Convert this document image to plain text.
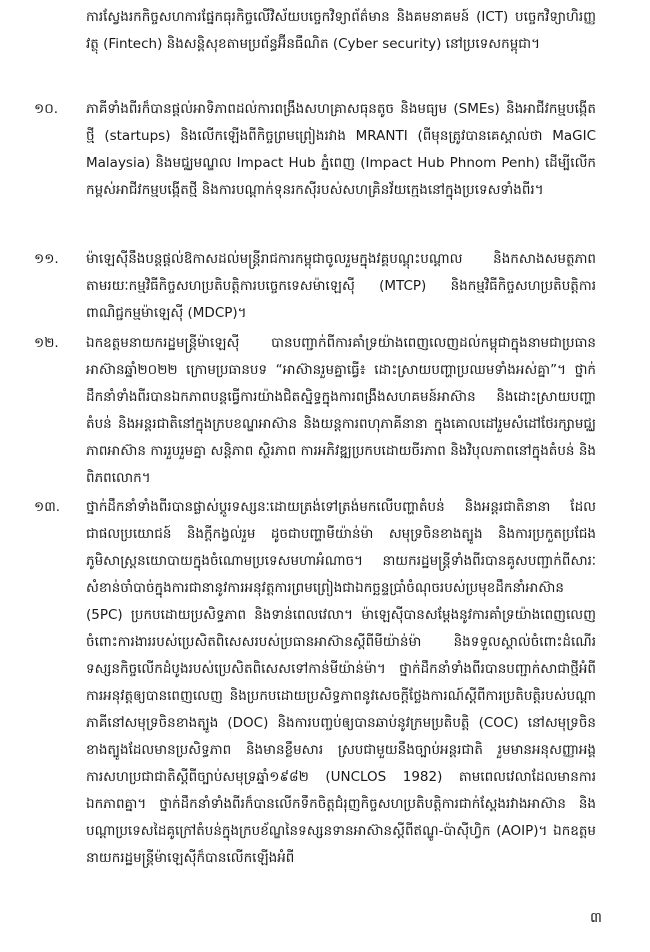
ការស្វែងរកកិច្ចសហការផ្នែកធុរកិច្ចលើវិស័យបច្ចេកវិទ្យាព័ត៌មាន និងគមនាគមន៍ (ICT) បច្ចេកវិទ្យាហិរញ្ញវត្ថុ (Fintech) និងសន្តិសុខតាមប្រព័ន្ធអ៊ីនធឺណិត (Cyber security) នៅប្រទេសកម្ពុជា។

១០.	ភាគីទាំងពីរក៏បានផ្ដល់អាទិភាពដល់ការពង្រឹងសហគ្រាសធុនតូច និងមធ្យម (SMEs) និងអាជីវកម្មបង្កើតថ្មី (startups) និងលើកឡើងពីកិច្ចព្រមព្រៀងរវាង MRANTI (ពីមុនត្រូវបានគេស្គាល់ថា MaGIC Malaysia) និងមជ្ឈមណ្ឌល Impact Hub ភ្នំពេញ (Impact Hub Phnom Penh) ដើម្បីលើកកម្ពស់អាជីវកម្មបង្កើតថ្មី និងការបណ្ដាក់ទុនរកស៊ីរបស់សហគ្រិនវ័យក្មេងនៅក្នុងប្រទេសទាំងពីរ។
១១.	ម៉ាឡេស៊ីនឹងបន្តផ្ដល់ឱកាសដល់មន្ត្រីរាជការកម្ពុជាចូលរួមក្នុងវគ្គបណ្ដុះបណ្ដាល និងកសាងសមត្ថភាព តាមរយៈកម្មវិធីកិច្ចសហប្រតិបត្តិការបច្ចេកទេសម៉ាឡេស៊ី (MTCP) និងកម្មវិធីកិច្ចសហប្រតិបត្តិការពាណិជ្ជកម្មម៉ាឡេស៊ី (MDCP)។
១២.	ឯកឧត្ដមនាយករដ្ឋមន្ត្រីម៉ាឡេស៊ី បានបញ្ជាក់ពីការគាំទ្រយ៉ាងពេញលេញដល់កម្ពុជាក្នុងនាមជាប្រធានអាស៊ានឆ្នាំ២០២២ ក្រោមប្រធានបទ “អាស៊ានរួមគ្នាធ្វើ៖ ដោះស្រាយបញ្ហាប្រឈមទាំងអស់គ្នា”។ ថ្នាក់ដឹកនាំទាំងពីរបានឯកភាពបន្តធ្វើការយ៉ាងជិតស្និទ្ធក្នុងការពង្រឹងសហគមន៍អាស៊ាន និងដោះស្រាយបញ្ហាតំបន់ និងអន្តរជាតិនៅក្នុងក្របខណ្ឌអាស៊ាន និងយន្ដការពហុភាគីនានា ក្នុងគោលដៅរួមសំដៅថែរក្សាមជ្ឈភាពអាស៊ាន ការរួបរួមគ្នា សន្តិភាព ស្ថិរភាព ការអភិវឌ្ឍប្រកបដោយចីរភាព និងវិបុលភាពនៅក្នុងតំបន់ និងពិភពលោក។
១៣.	ថ្នាក់ដឹកនាំទាំងពីរបានផ្លាស់ប្ដូរទស្សនៈដោយត្រង់ទៅត្រង់មកលើបញ្ហាតំបន់ និងអន្តរជាតិនានា ដែលជាផលប្រយោជន៍ និងក្ដីកង្វល់រួម ដូចជាបញ្ហាមីយ៉ាន់ម៉ា សមុទ្រចិនខាងត្បូង និងការប្រកួតប្រជែងភូមិសាស្ត្រនយោបាយក្នុងចំណោមប្រទេសមហាអំណាច។ នាយករដ្ឋមន្ត្រីទាំងពីរបានគូសបញ្ជាក់ពីសារៈសំខាន់ចាំបាច់ក្នុងការជានានូវការអនុវត្តការព្រមព្រៀងជាឯកច្ឆន្ទប្រាំចំណុចរបស់ប្រមុខដឹកនាំអាស៊ាន (5PC) ប្រកបដោយប្រសិទ្ធភាព និងទាន់ពេលវេលា។ ម៉ាឡេស៊ីបានសម្ដែងនូវការគាំទ្រយ៉ាងពេញលេញចំពោះការងាររបស់ប្រេសិតពិសេសរបស់ប្រធានអាស៊ានស្ដីពីមីយ៉ាន់ម៉ា និងទទួលស្គាល់ចំពោះដំណើរទស្សនកិច្ចលើកដំបូងរបស់ប្រេសិតពិសេសទៅកាន់មីយ៉ាន់ម៉ា។ ថ្នាក់ដឹកនាំទាំងពីរបានបញ្ជាក់សាជាថ្មីអំពីការអនុវត្តឲ្យបានពេញលេញ និងប្រកបដោយប្រសិទ្ធភាពនូវសេចក្ដីថ្លែងការណ៍ស្ដីពីការប្រតិបត្តិរបស់បណ្ដាភាគីនៅសមុទ្រចិនខាងត្បូង (DOC) និងការបញ្ចប់ឲ្យបានឆាប់នូវក្រមប្រតិបត្តិ (COC) នៅសមុទ្រចិនខាងត្បូងដែលមានប្រសិទ្ធភាព និងមានខ្លឹមសារ ស្របជាមួយនឹងច្បាប់អន្តរជាតិ រួមមានអនុសញ្ញាអង្គការសហប្រជាជាតិស្ដីពីច្បាប់សមុទ្រឆ្នាំ១៩៨២ (UNCLOS 1982) តាមពេលវេលាដែលមានការឯកភាពគ្នា។ ថ្នាក់ដឹកនាំទាំងពីរក៏បានលើកទឹកចិត្តជំរុញកិច្ចសហប្រតិបត្តិការជាក់ស្ដែងរវាងអាស៊ាន និងបណ្ដាប្រទេសដៃគូក្រៅតំបន់ក្នុងក្របខ័ណ្ឌនៃទស្សនទានអាស៊ានស្ដីពីឥណ្ឌូ-ប៉ាស៊ីហ្វិក (AOIP)។ ឯកឧត្ដមនាយករដ្ឋមន្ត្រីម៉ាឡេស៊ីក៏បានលើកឡើងអំពី
៣
